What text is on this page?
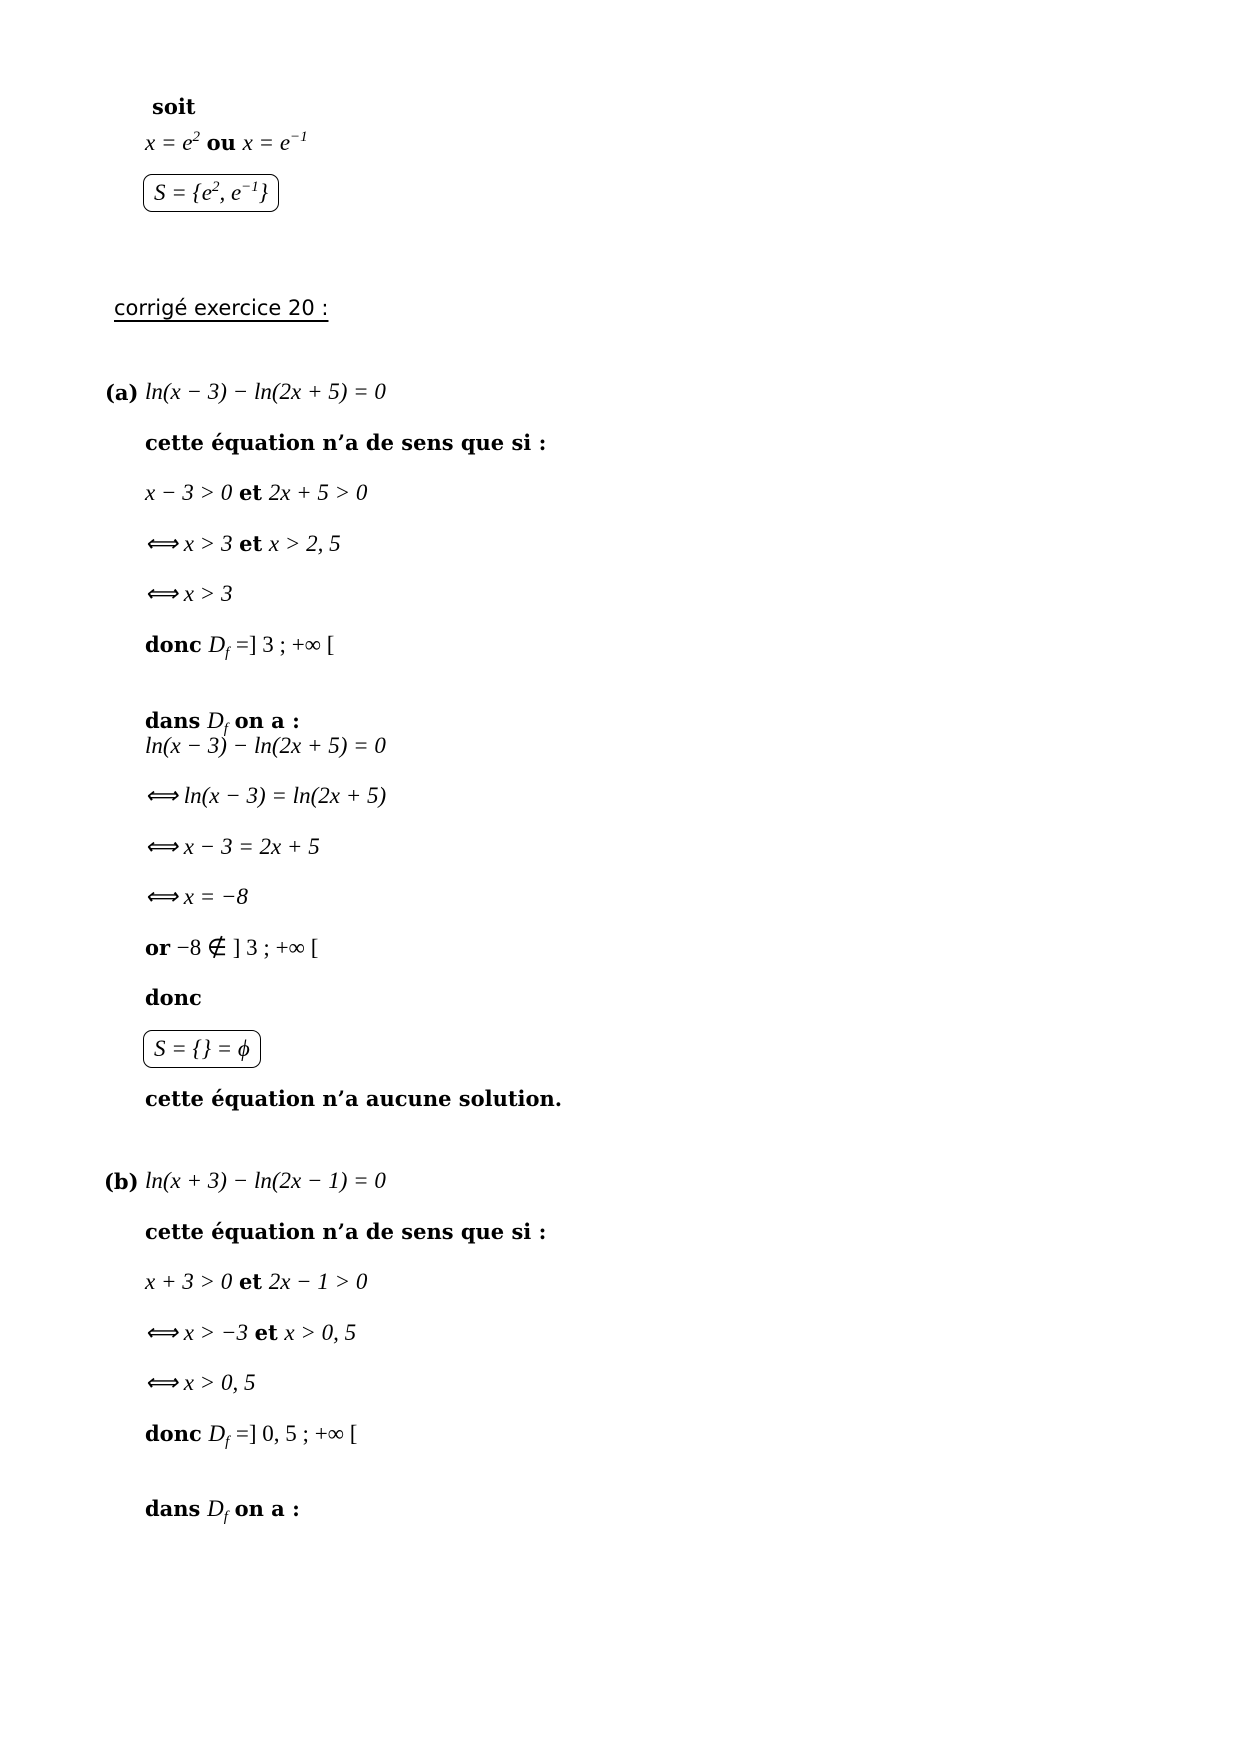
soit
$x = e^2$ ou $x = e^{-1}$
$S = \{e^2$, $e^{-1}$}
corrigé exercice 20 :
(a) ln(x − 3) − ln(2x + 5) = 0
cette équation n’a de sens que si :
x − 3 > 0 et 2x + 5 > 0
⟺ x > 3 et x > 2, 5
⟺ x > 3
donc $D_f$ =] 3 ; +∞ [
dans $D_f$ on a :
ln(x − 3) − ln(2x + 5) = 0
⟺ ln(x − 3) = ln(2x + 5)
⟺ x − 3 = 2x + 5
⟺ x = −8
or −8 ∉ ] 3 ; +∞ [
donc
S = {} = ϕ
cette équation n’a aucune solution.
(b) ln(x + 3) − ln(2x − 1) = 0
cette équation n’a de sens que si :
x + 3 > 0 et 2x − 1 > 0
⟺ x > −3 et x > 0, 5
⟺ x > 0, 5
donc $D_f$ =] 0, 5 ; +∞ [
dans $D_f$ on a :
